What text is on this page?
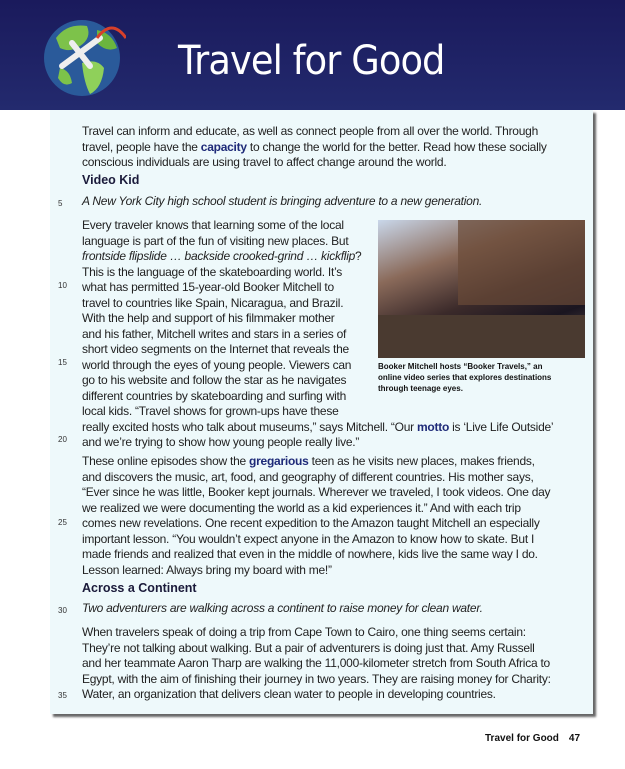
Travel for Good
Travel can inform and educate, as well as connect people from all over the world. Through
travel, people have the capacity to change the world for the better. Read how these socially
conscious individuals are using travel to affect change around the world.
Video Kid
5 A New York City high school student is bringing adventure to a new generation.
Every traveler knows that learning some of the local
language is part of the fun of visiting new places. But
frontside flipslide … backside crooked-grind … kickflip?
This is the language of the skateboarding world. It’s
what has permitted 15-year-old Booker Mitchell to
travel to countries like Spain, Nicaragua, and Brazil.
With the help and support of his filmmaker mother
and his father, Mitchell writes and stars in a series of
short video segments on the Internet that reveals the
world through the eyes of young people. Viewers can
go to his website and follow the star as he navigates
different countries by skateboarding and surfing with
local kids. “Travel shows for grown-ups have these
really excited hosts who talk about museums,” says Mitchell. “Our motto is ‘Live Life Outside’
and we’re trying to show how young people really live.”
10
15
20
Booker Mitchell hosts “Booker Travels,” an
online video series that explores destinations
through teenage eyes.
These online episodes show the gregarious teen as he visits new places, makes friends,
and discovers the music, art, food, and geography of different countries. His mother says,
“Ever since he was little, Booker kept journals. Wherever we traveled, I took videos. One day
we realized we were documenting the world as a kid experiences it.” And with each trip
comes new revelations. One recent expedition to the Amazon taught Mitchell an especially
important lesson. “You wouldn’t expect anyone in the Amazon to know how to skate. But I
made friends and realized that even in the middle of nowhere, kids live the same way I do.
Lesson learned: Always bring my board with me!”
25
Across a Continent
30 Two adventurers are walking across a continent to raise money for clean water.
When travelers speak of doing a trip from Cape Town to Cairo, one thing seems certain:
They’re not talking about walking. But a pair of adventurers is doing just that. Amy Russell
and her teammate Aaron Tharp are walking the 11,000-kilometer stretch from South Africa to
Egypt, with the aim of finishing their journey in two years. They are raising money for Charity:
Water, an organization that delivers clean water to people in developing countries.
35
Travel for Good 47
